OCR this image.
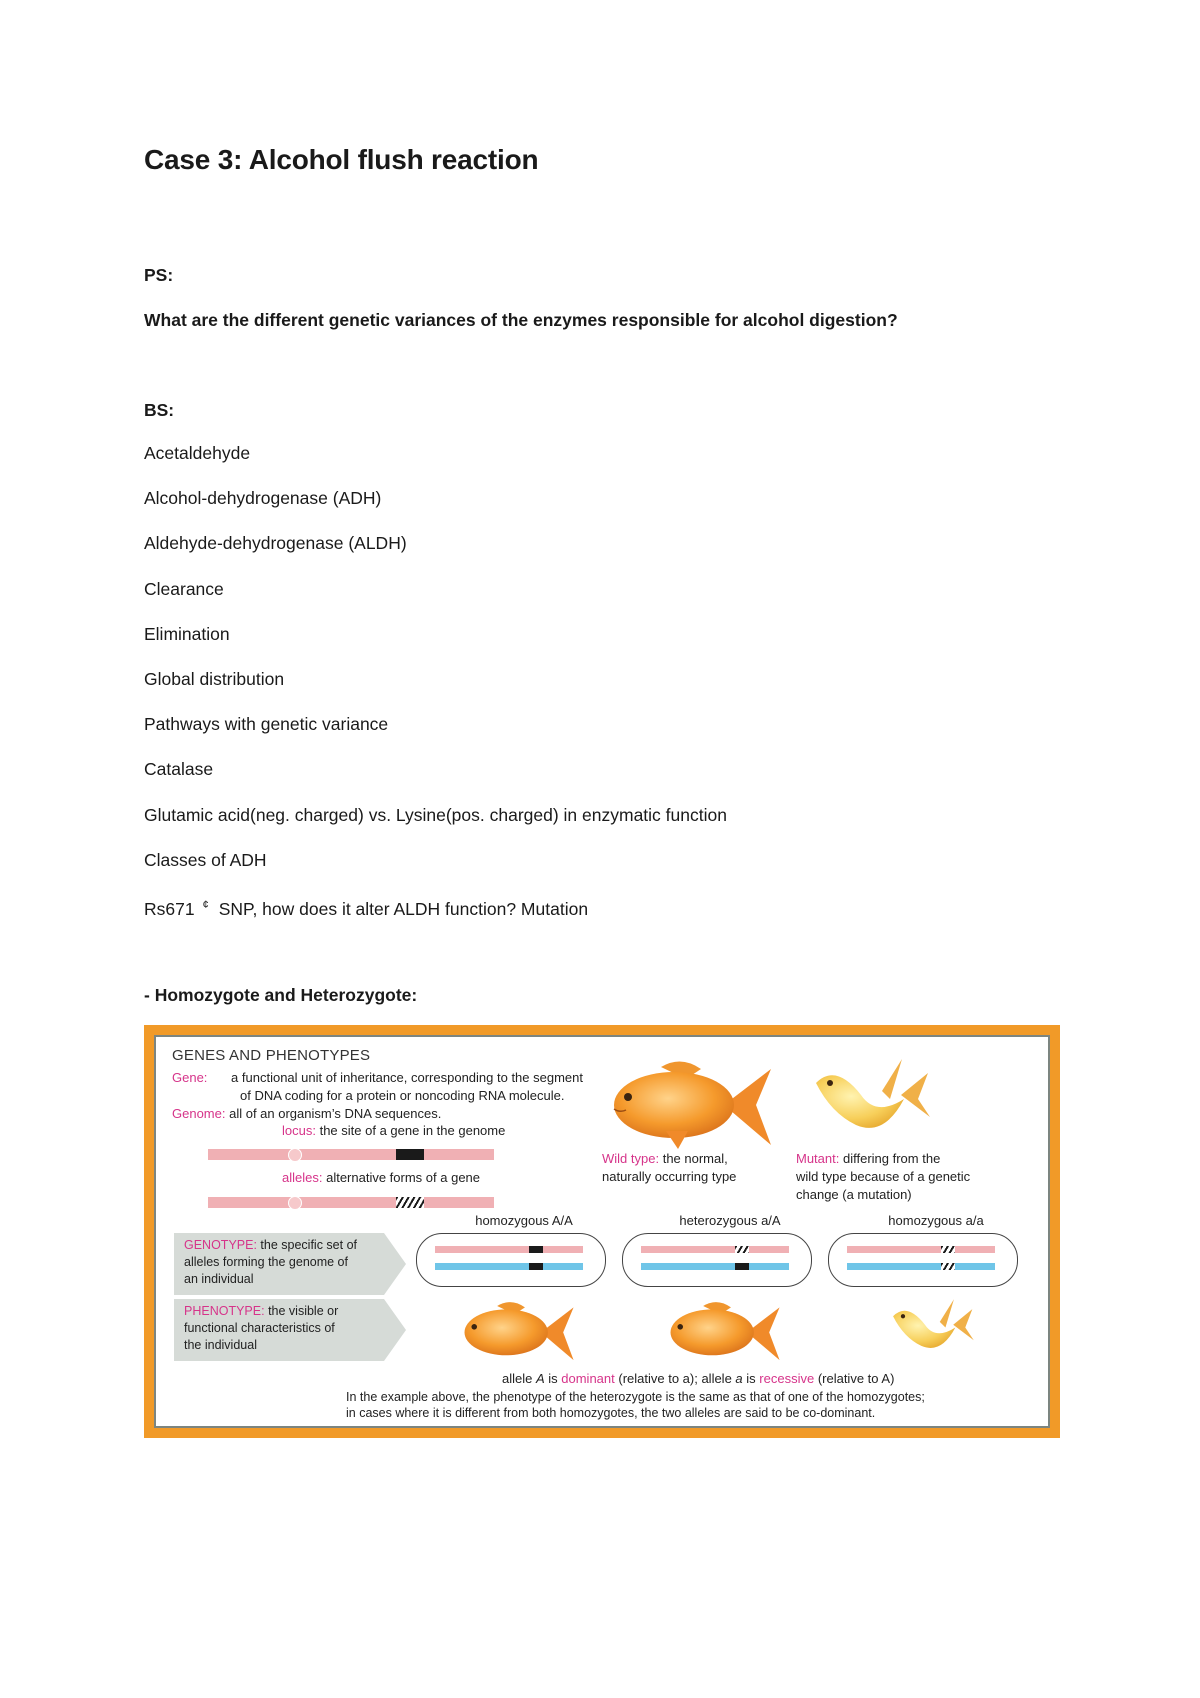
Case 3: Alcohol flush reaction
PS:
What are the different genetic variances of the enzymes responsible for alcohol digestion?
BS:
Acetaldehyde
Alcohol-dehydrogenase (ADH)
Aldehyde-dehydrogenase (ALDH)
Clearance
Elimination
Global distribution
Pathways with genetic variance
Catalase
Glutamic acid(neg. charged) vs. Lysine(pos. charged) in enzymatic function
Classes of ADH
Rs671 ¢ SNP, how does it alter ALDH function? Mutation
- Homozygote and Heterozygote:
GENES AND PHENOTYPES
Gene: a functional unit of inheritance, corresponding to the segment
of DNA coding for a protein or noncoding RNA molecule.
Genome: all of an organism’s DNA sequences.
locus: the site of a gene in the genome
alleles: alternative forms of a gene
Wild type: the normal,
naturally occurring type
Mutant: differing from the
wild type because of a genetic
change (a mutation)
homozygous A/A	heterozygous a/A	homozygous a/a
GENOTYPE: the specific set of
alleles forming the genome of
an individual
PHENOTYPE: the visible or
functional characteristics of
the individual
allele A is dominant (relative to a); allele a is recessive (relative to A)
In the example above, the phenotype of the heterozygote is the same as that of one of the homozygotes;
in cases where it is different from both homozygotes, the two alleles are said to be co-dominant.
